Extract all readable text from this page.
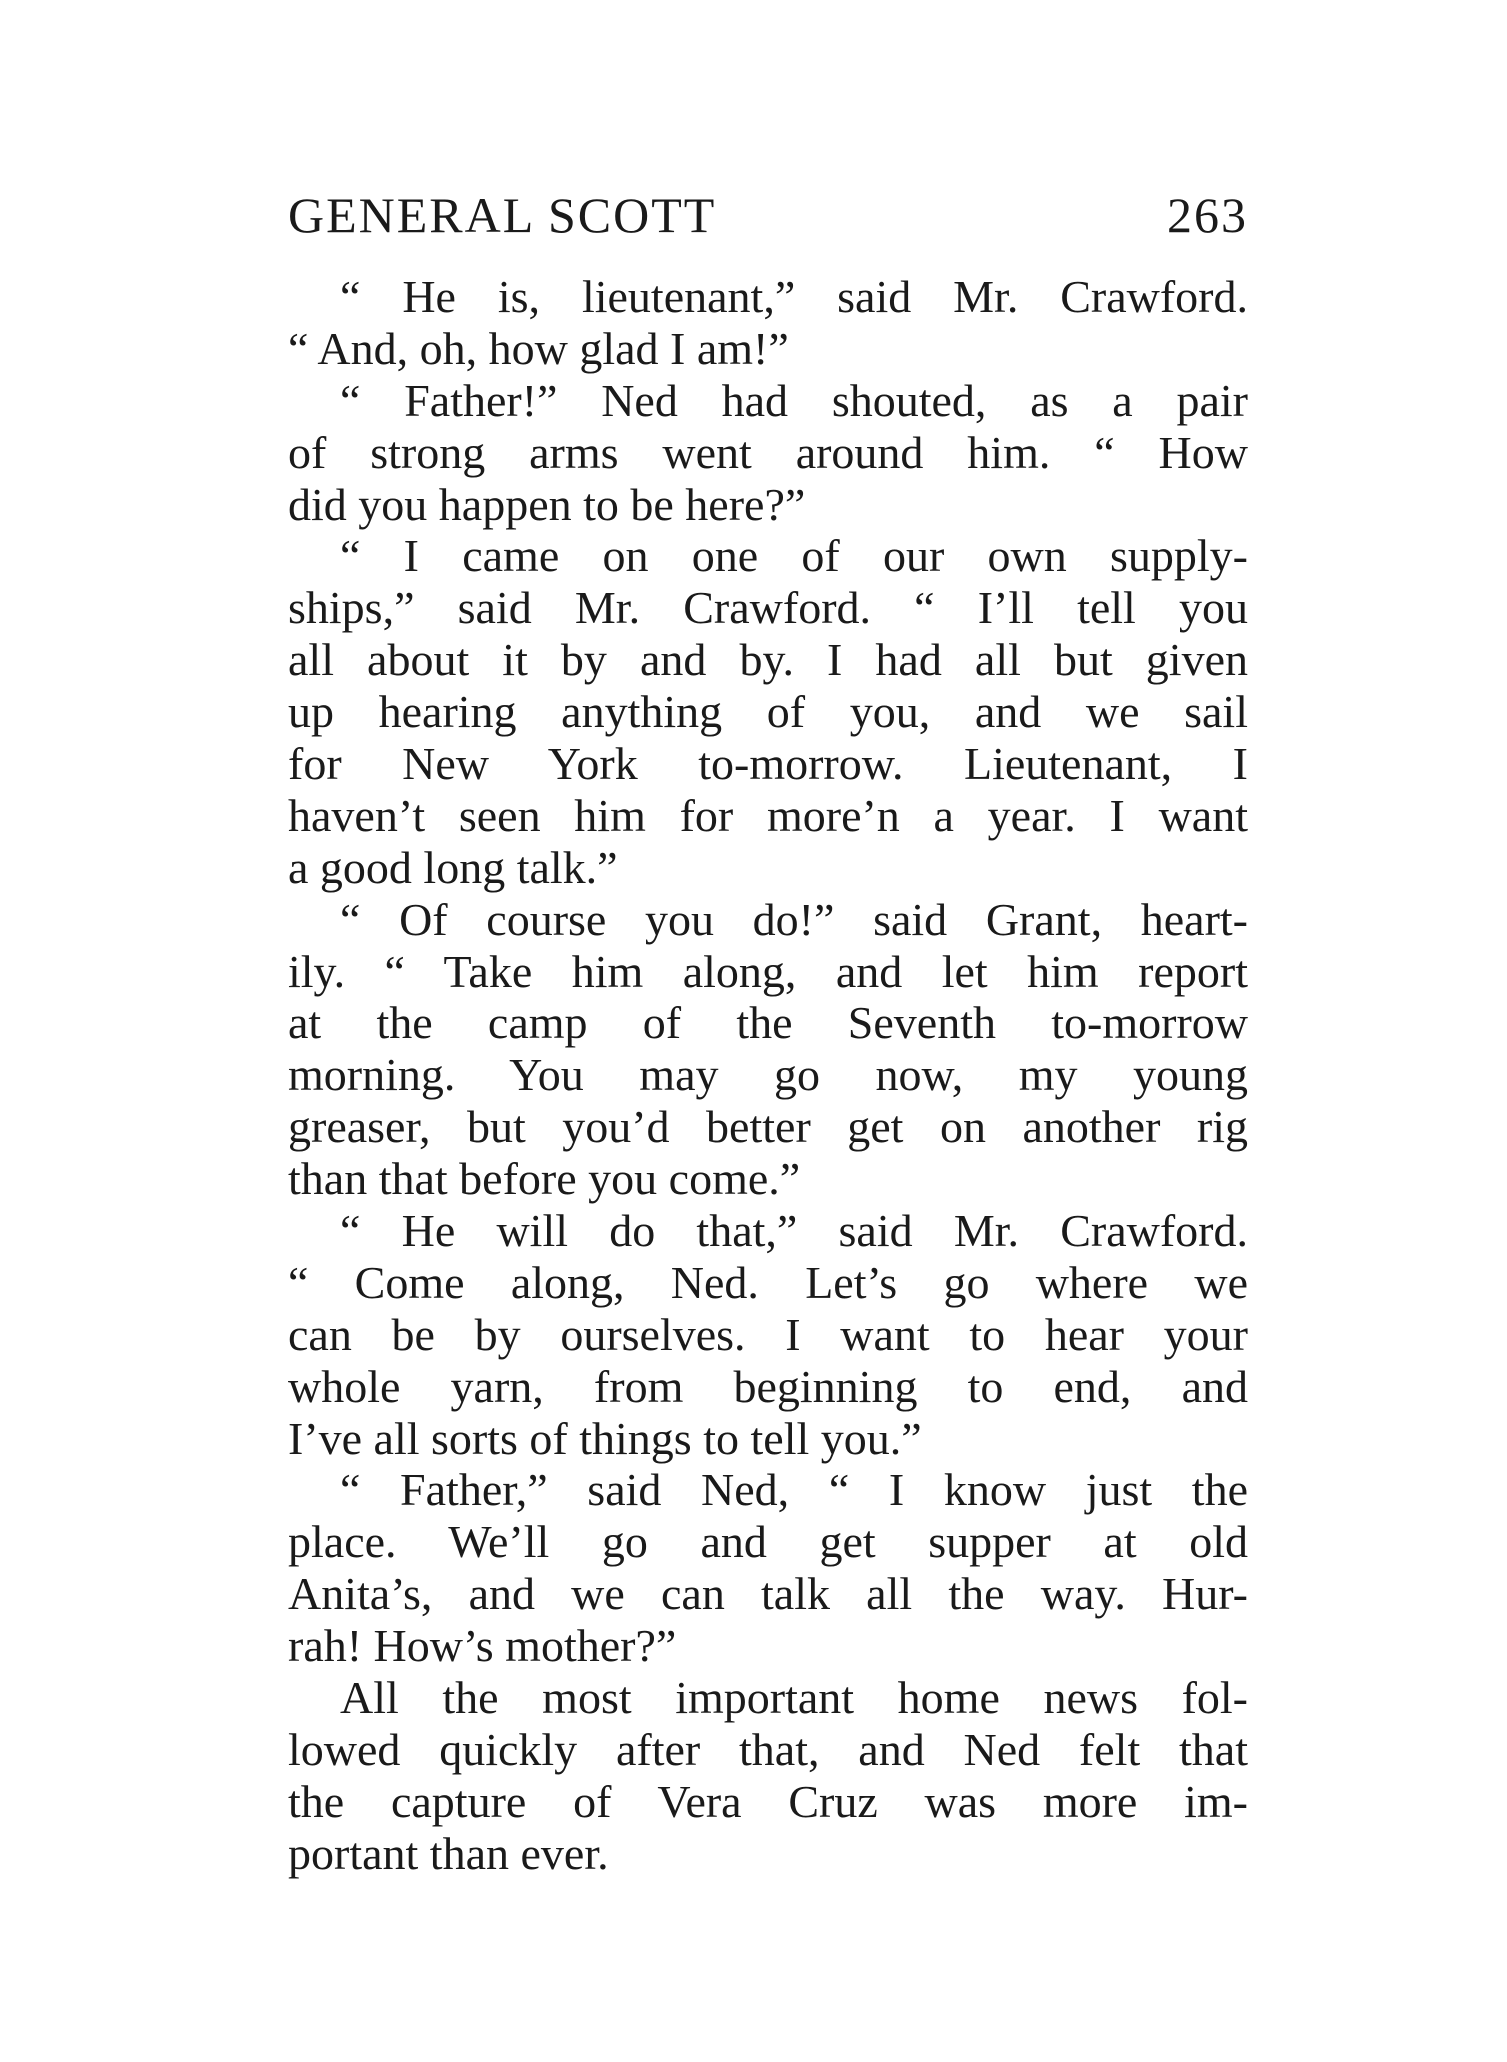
GENERAL SCOTT	263
“ He is, lieutenant,” said Mr. Crawford.
“ And, oh, how glad I am!”
“ Father!” Ned had shouted, as a pair
of strong arms went around him. “ How
did you happen to be here?”
“ I came on one of our own supply-
ships,” said Mr. Crawford. “ I’ll tell you
all about it by and by. I had all but given
up hearing anything of you, and we sail
for New York to-morrow. Lieutenant, I
haven’t seen him for more’n a year. I want
a good long talk.”
“ Of course you do!” said Grant, heart-
ily. “ Take him along, and let him report
at the camp of the Seventh to-morrow
morning. You may go now, my young
greaser, but you’d better get on another rig
than that before you come.”
“ He will do that,” said Mr. Crawford.
“ Come along, Ned. Let’s go where we
can be by ourselves. I want to hear your
whole yarn, from beginning to end, and
I’ve all sorts of things to tell you.”
“ Father,” said Ned, “ I know just the
place. We’ll go and get supper at old
Anita’s, and we can talk all the way. Hur-
rah! How’s mother?”
All the most important home news fol-
lowed quickly after that, and Ned felt that
the capture of Vera Cruz was more im-
portant than ever.
